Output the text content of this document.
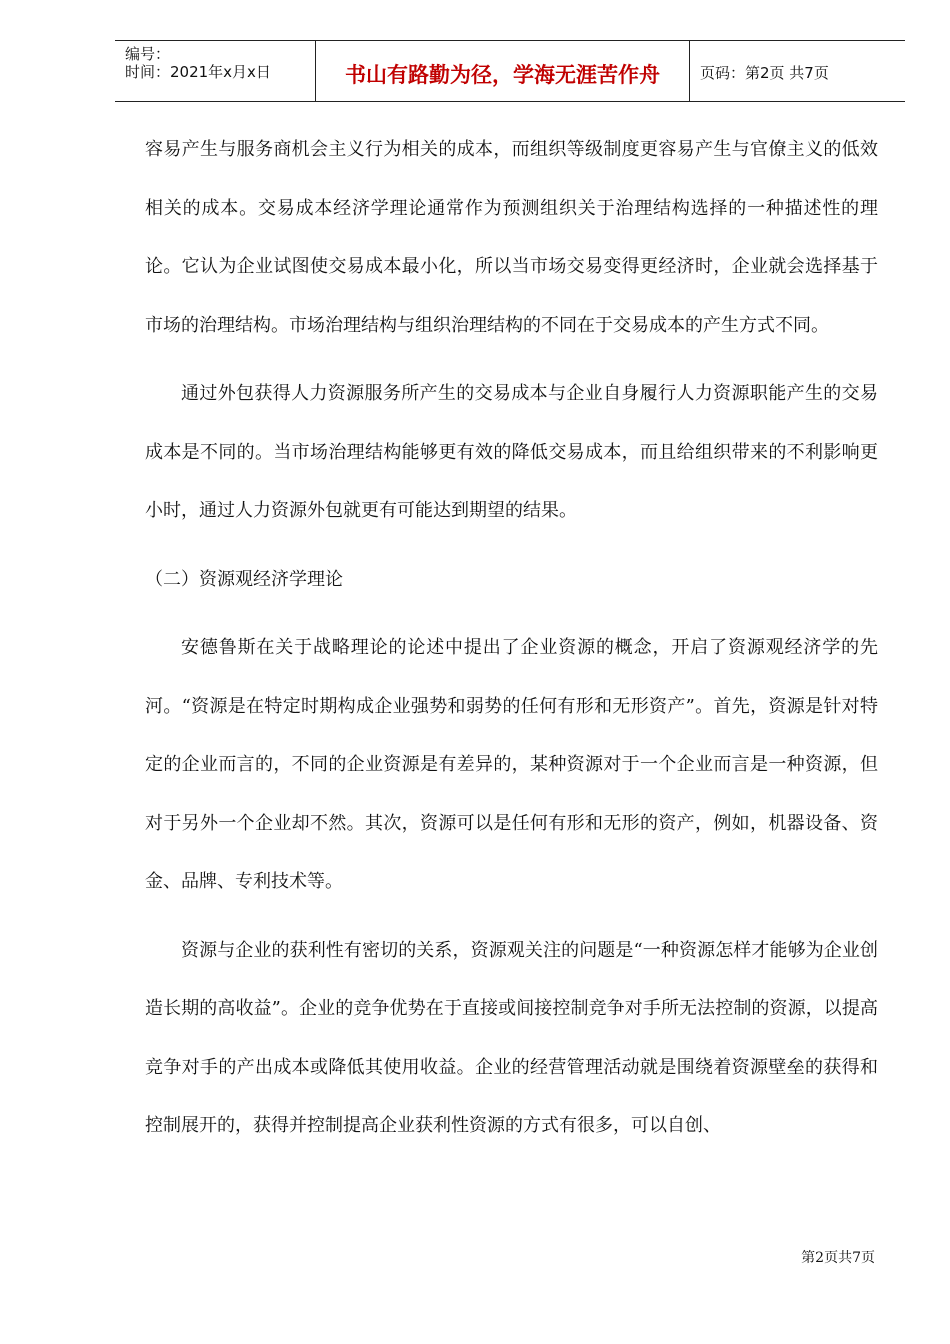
编号：
时间：2021年x月x日	书山有路勤为径，学海无涯苦作舟	页码：第2页 共7页

容易产生与服务商机会主义行为相关的成本，而组织等级制度更容易产生与官僚主义的低效相关的成本。交易成本经济学理论通常作为预测组织关于治理结构选择的一种描述性的理论。它认为企业试图使交易成本最小化，所以当市场交易变得更经济时，企业就会选择基于市场的治理结构。市场治理结构与组织治理结构的不同在于交易成本的产生方式不同。

通过外包获得人力资源服务所产生的交易成本与企业自身履行人力资源职能产生的交易成本是不同的。当市场治理结构能够更有效的降低交易成本，而且给组织带来的不利影响更小时，通过人力资源外包就更有可能达到期望的结果。

（二）资源观经济学理论

安德鲁斯在关于战略理论的论述中提出了企业资源的概念，开启了资源观经济学的先河。“资源是在特定时期构成企业强势和弱势的任何有形和无形资产”。首先，资源是针对特定的企业而言的，不同的企业资源是有差异的，某种资源对于一个企业而言是一种资源，但对于另外一个企业却不然。其次，资源可以是任何有形和无形的资产，例如，机器设备、资金、品牌、专利技术等。

资源与企业的获利性有密切的关系，资源观关注的问题是“一种资源怎样才能够为企业创造长期的高收益”。企业的竞争优势在于直接或间接控制竞争对手所无法控制的资源，以提高竞争对手的产出成本或降低其使用收益。企业的经营管理活动就是围绕着资源壁垒的获得和控制展开的，获得并控制提高企业获利性资源的方式有很多，可以自创、

第2页共7页
